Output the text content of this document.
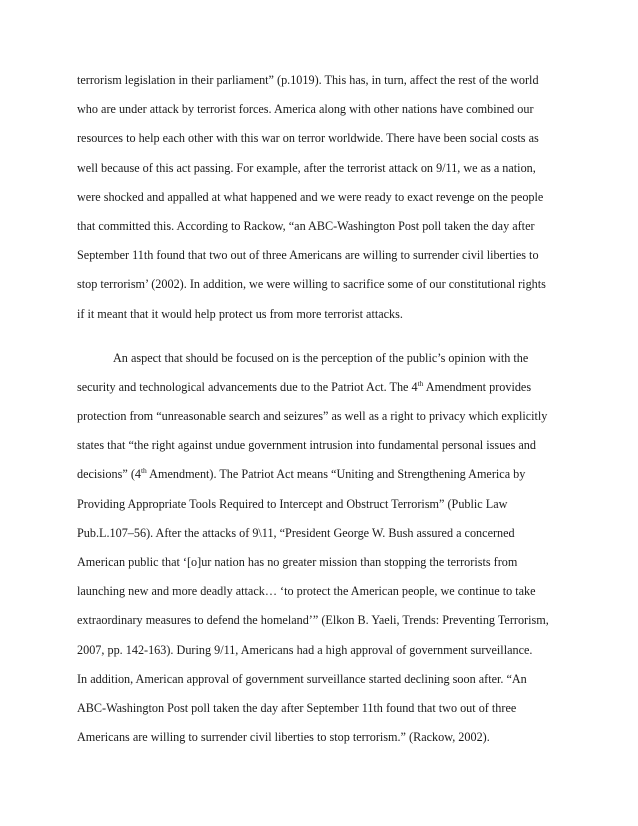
terrorism legislation in their parliament” (p.1019). This has, in turn, affect the rest of the world
who are under attack by terrorist forces. America along with other nations have combined our
resources to help each other with this war on terror worldwide. There have been social costs as
well because of this act passing. For example, after the terrorist attack on 9/11, we as a nation,
were shocked and appalled at what happened and we were ready to exact revenge on the people
that committed this. According to Rackow, “an ABC-Washington Post poll taken the day after
September 11th found that two out of three Americans are willing to surrender civil liberties to
stop terrorism’ (2002). In addition, we were willing to sacrifice some of our constitutional rights
if it meant that it would help protect us from more terrorist attacks.
An aspect that should be focused on is the perception of the public’s opinion with the
security and technological advancements due to the Patriot Act. The 4th Amendment provides
protection from “unreasonable search and seizures” as well as a right to privacy which explicitly
states that “the right against undue government intrusion into fundamental personal issues and
decisions” (4th Amendment). The Patriot Act means “Uniting and Strengthening America by
Providing Appropriate Tools Required to Intercept and Obstruct Terrorism” (Public Law
Pub.L.107–56). After the attacks of 9\11, “President George W. Bush assured a concerned
American public that ‘[o]ur nation has no greater mission than stopping the terrorists from
launching new and more deadly attack… ‘to protect the American people, we continue to take
extraordinary measures to defend the homeland’” (Elkon B. Yaeli, Trends: Preventing Terrorism,
2007, pp. 142-163). During 9/11, Americans had a high approval of government surveillance.
In addition, American approval of government surveillance started declining soon after. “An
ABC-Washington Post poll taken the day after September 11th found that two out of three
Americans are willing to surrender civil liberties to stop terrorism.” (Rackow, 2002).
